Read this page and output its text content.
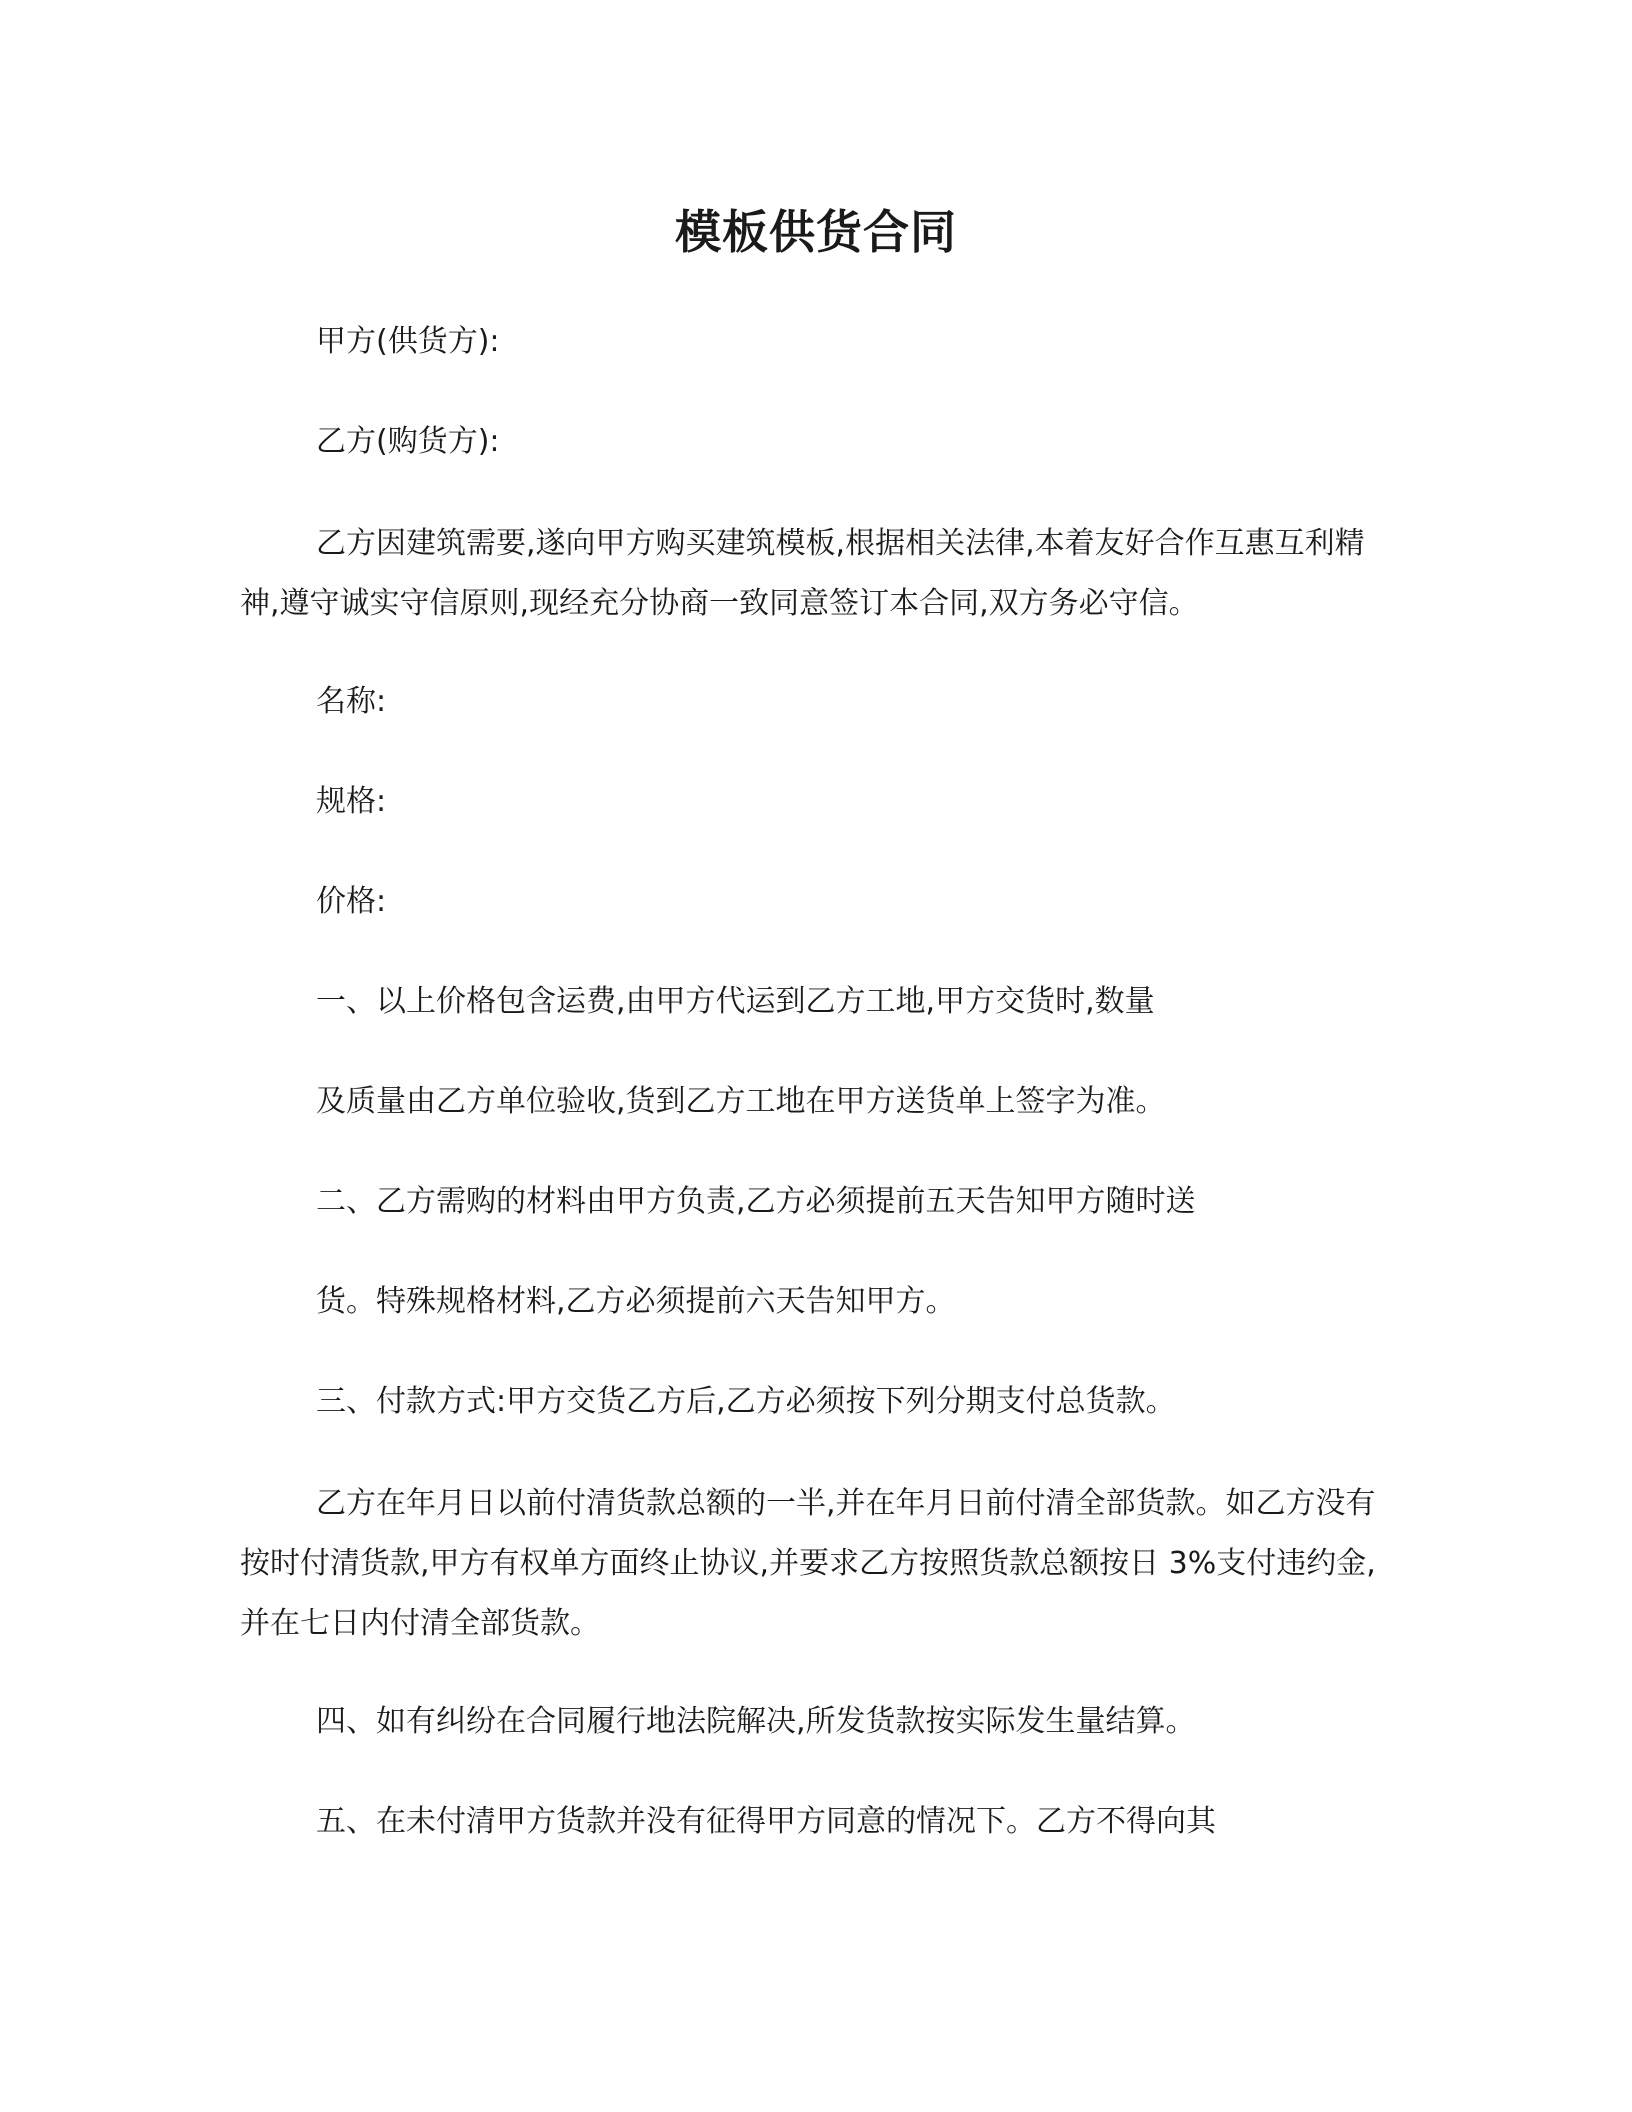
模板供货合同

甲方(供货方):

乙方(购货方):

乙方因建筑需要,遂向甲方购买建筑模板,根据相关法律,本着友好合作互惠互利精神,遵守诚实守信原则,现经充分协商一致同意签订本合同,双方务必守信。

名称:

规格:

价格:

一、以上价格包含运费,由甲方代运到乙方工地,甲方交货时,数量

及质量由乙方单位验收,货到乙方工地在甲方送货单上签字为准。

二、乙方需购的材料由甲方负责,乙方必须提前五天告知甲方随时送

货。特殊规格材料,乙方必须提前六天告知甲方。

三、付款方式:甲方交货乙方后,乙方必须按下列分期支付总货款。

乙方在年月日以前付清货款总额的一半,并在年月日前付清全部货款。如乙方没有按时付清货款,甲方有权单方面终止协议,并要求乙方按照货款总额按日 3%支付违约金,并在七日内付清全部货款。

四、如有纠纷在合同履行地法院解决,所发货款按实际发生量结算。

五、在未付清甲方货款并没有征得甲方同意的情况下。乙方不得向其
